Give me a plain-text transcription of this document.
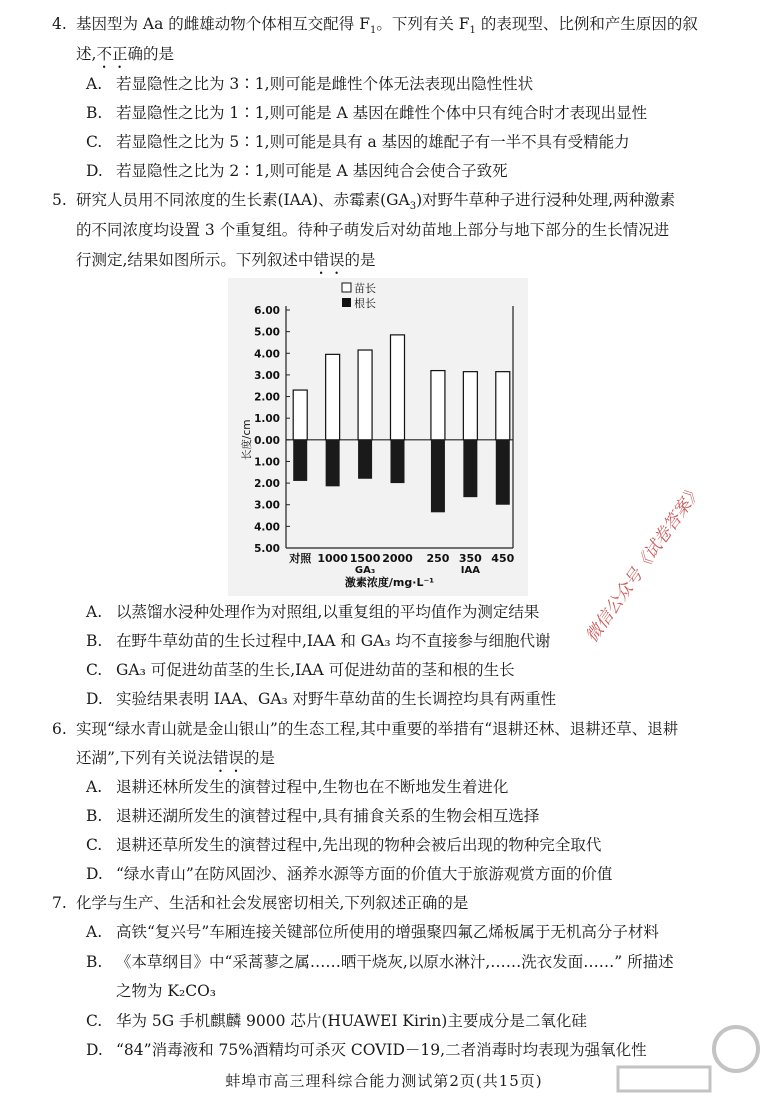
4. 基因型为 Aa 的雌雄动物个体相互交配得 $F_1$。下列有关 $F_1$ 的表现型、比例和产生原因的叙
述,不正确的是
A. 若显隐性之比为 3∶1,则可能是雌性个体无法表现出隐性性状
B. 若显隐性之比为 1∶1,则可能是 A 基因在雌性个体中只有纯合时才表现出显性
C. 若显隐性之比为 5∶1,则可能是具有 a 基因的雄配子有一半不具有受精能力
D. 若显隐性之比为 2∶1,则可能是 A 基因纯合会使合子致死
5. 研究人员用不同浓度的生长素(IAA)、赤霉素$(GA_3)$对野牛草种子进行浸种处理,两种激素
的不同浓度均设置 3 个重复组。待种子萌发后对幼苗地上部分与地下部分的生长情况进
行测定,结果如图所示。下列叙述中错误的是
苗长
根长
6.00
5.00
4.00
3.00
2.00
1.00
0.00
1.00
2.00
3.00
4.00
5.00
长度/cm
对照 1000 1500 2000 250 350 450
GA₃	IAA
激素浓度/mg·L⁻¹
A. 以蒸馏水浸种处理作为对照组,以重复组的平均值作为测定结果
B. 在野牛草幼苗的生长过程中,IAA 和 GA₃ 均不直接参与细胞代谢
C. GA₃ 可促进幼苗茎的生长,IAA 可促进幼苗的茎和根的生长
D. 实验结果表明 IAA、GA₃ 对野牛草幼苗的生长调控均具有两重性
6. 实现“绿水青山就是金山银山”的生态工程,其中重要的举措有“退耕还林、退耕还草、退耕
还湖”,下列有关说法错误的是
A. 退耕还林所发生的演替过程中,生物也在不断地发生着进化
B. 退耕还湖所发生的演替过程中,具有捕食关系的生物会相互选择
C. 退耕还草所发生的演替过程中,先出现的物种会被后出现的物种完全取代
D. “绿水青山”在防风固沙、涵养水源等方面的价值大于旅游观赏方面的价值
7. 化学与生产、生活和社会发展密切相关,下列叙述正确的是
A. 高铁“复兴号”车厢连接关键部位所使用的增强聚四氟乙烯板属于无机高分子材料
B. 《本草纲目》中“采蒿蓼之属……晒干烧灰,以原水淋汁,……洗衣发面……” 所描述
之物为 K₂CO₃
C. 华为 5G 手机麒麟 9000 芯片(HUAWEI Kirin)主要成分是二氧化硅
D. “84”消毒液和 75%酒精均可杀灭 COVID－19,二者消毒时均表现为强氧化性
蚌埠市高三理科综合能力测试第2页(共15页)
微信公众号《试卷答案》
